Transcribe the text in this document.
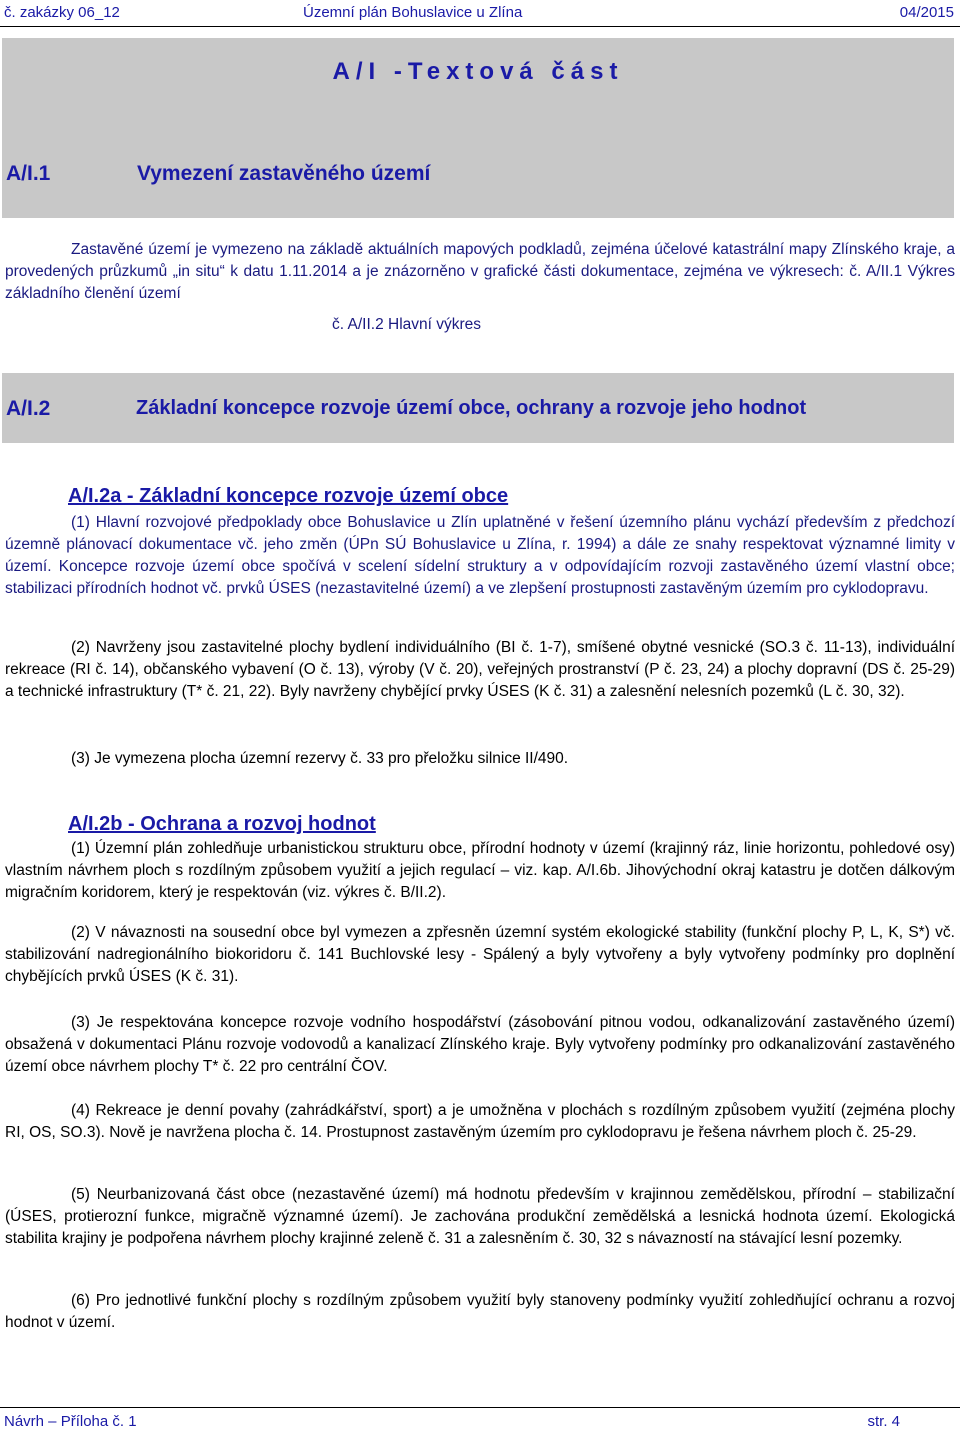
č. zakázky 06_12	Územní plán Bohuslavice u Zlína	04/2015
A/I -Textová část
A/I.1	Vymezení zastavěného území

Zastavěné území je vymezeno na základě aktuálních mapových podkladů, zejména účelové katastrální mapy Zlínského kraje, a provedených průzkumů „in situ“ k datu 1.11.2014 a je znázorněno v grafické části dokumentace, zejména ve výkresech: č. A/II.1 Výkres základního členění území

č. A/II.2 Hlavní výkres

A/I.2	Základní koncepce rozvoje území obce, ochrany a rozvoje jeho hodnot
A/I.2a - Základní koncepce rozvoje území obce

(1) Hlavní rozvojové předpoklady obce Bohuslavice u Zlín uplatněné v řešení územního plánu vychází především z předchozí územně plánovací dokumentace vč. jeho změn (ÚPn SÚ Bohuslavice u Zlína, r. 1994) a dále ze snahy respektovat významné limity v území. Koncepce rozvoje území obce spočívá v scelení sídelní struktury a v odpovídajícím rozvoji zastavěného území vlastní obce; stabilizaci přírodních hodnot vč. prvků ÚSES (nezastavitelné území) a ve zlepšení prostupnosti zastavěným územím pro cyklodopravu.

(2) Navrženy jsou zastavitelné plochy bydlení individuálního (BI č. 1-7), smíšené obytné vesnické (SO.3 č. 11-13), individuální rekreace (RI č. 14), občanského vybavení (O č. 13), výroby (V č. 20), veřejných prostranství (P č. 23, 24) a plochy dopravní (DS č. 25-29) a technické infrastruktury (T* č. 21, 22). Byly navrženy chybějící prvky ÚSES (K č. 31) a zalesnění nelesních pozemků (L č. 30, 32).

(3) Je vymezena plocha územní rezervy č. 33 pro přeložku silnice II/490.

A/I.2b - Ochrana a rozvoj hodnot

(1) Územní plán zohledňuje urbanistickou strukturu obce, přírodní hodnoty v území (krajinný ráz, linie horizontu, pohledové osy) vlastním návrhem ploch s rozdílným způsobem využití a jejich regulací – viz. kap. A/I.6b. Jihovýchodní okraj katastru je dotčen dálkovým migračním koridorem, který je respektován (viz. výkres č. B/II.2).

(2) V návaznosti na sousední obce byl vymezen a zpřesněn územní systém ekologické stability (funkční plochy P, L, K, S*) vč. stabilizování nadregionálního biokoridoru č. 141 Buchlovské lesy - Spálený a byly vytvořeny a byly vytvořeny podmínky pro doplnění chybějících prvků ÚSES (K č. 31).

(3) Je respektována koncepce rozvoje vodního hospodářství (zásobování pitnou vodou, odkanalizování zastavěného území) obsažená v dokumentaci Plánu rozvoje vodovodů a kanalizací Zlínského kraje. Byly vytvořeny podmínky pro odkanalizování zastavěného území obce návrhem plochy T* č. 22 pro centrální ČOV.

(4) Rekreace je denní povahy (zahrádkářství, sport) a je umožněna v plochách s rozdílným způsobem využití (zejména plochy RI, OS, SO.3). Nově je navržena plocha č. 14. Prostupnost zastavěným územím pro cyklodopravu je řešena návrhem ploch č. 25-29.

(5) Neurbanizovaná část obce (nezastavěné území) má hodnotu především v krajinnou zemědělskou, přírodní – stabilizační (ÚSES, protierozní funkce, migračně významné území). Je zachována produkční zemědělská a lesnická hodnota území. Ekologická stabilita krajiny je podpořena návrhem plochy krajinné zeleně č. 31 a zalesněním č. 30, 32 s návazností na stávající lesní pozemky.

(6) Pro jednotlivé funkční plochy s rozdílným způsobem využití byly stanoveny podmínky využití zohledňující ochranu a rozvoj hodnot v území.

Návrh – Příloha č. 1	str. 4
